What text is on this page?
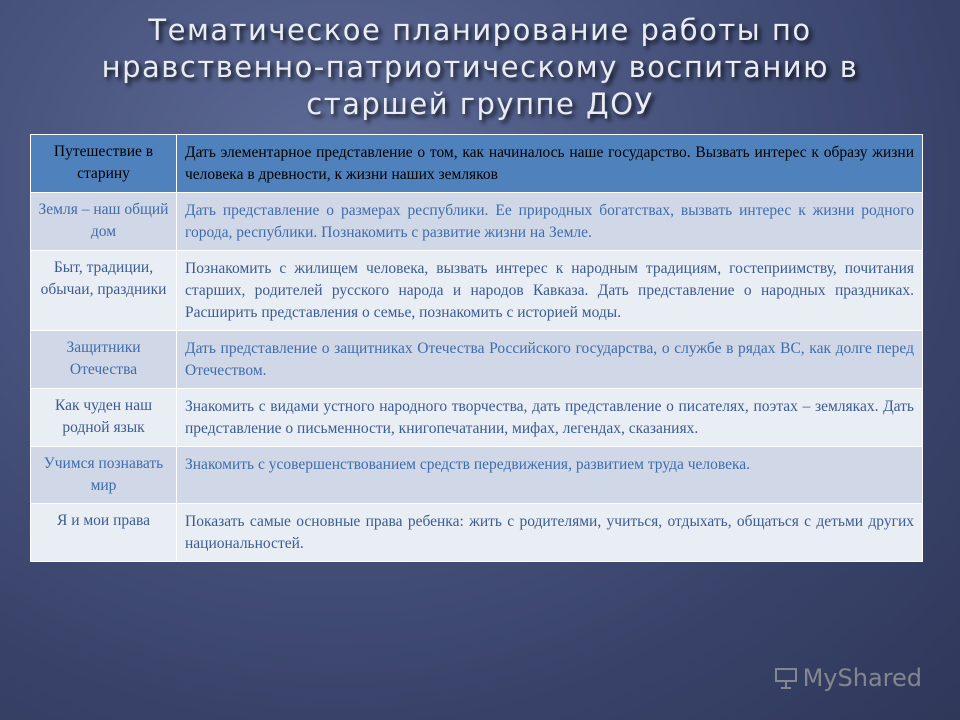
Тематическое планирование работы по нравственно-патриотическому воспитанию в старшей группе ДОУ
Путешествие в старину	Дать элементарное представление о том, как начиналось наше государство. Вызвать интерес к образу жизни человека в древности, к жизни наших земляков
Земля – наш общий дом	Дать представление о размерах республики. Ее природных богатствах, вызвать интерес к жизни родного города, республики. Познакомить с развитие жизни на Земле.
Быт, традиции, обычаи, праздники	Познакомить с жилищем человека, вызвать интерес к народным традициям, гостеприимству, почитания старших, родителей русского народа и народов Кавказа. Дать представление о народных праздниках. Расширить представления о семье, познакомить с историей моды.
Защитники Отечества	Дать представление о защитниках Отечества Российского государства, о службе в рядах ВС, как долге перед Отечеством.
Как чуден наш родной язык	Знакомить с видами устного народного творчества, дать представление о писателях, поэтах – земляках. Дать представление о письменности, книгопечатании, мифах, легендах, сказаниях.
Учимся познавать мир	Знакомить с усовершенствованием средств передвижения, развитием труда человека.
Я и мои права	Показать самые основные права ребенка: жить с родителями, учиться, отдыхать, общаться с детьми других национальностей.
MyShared
